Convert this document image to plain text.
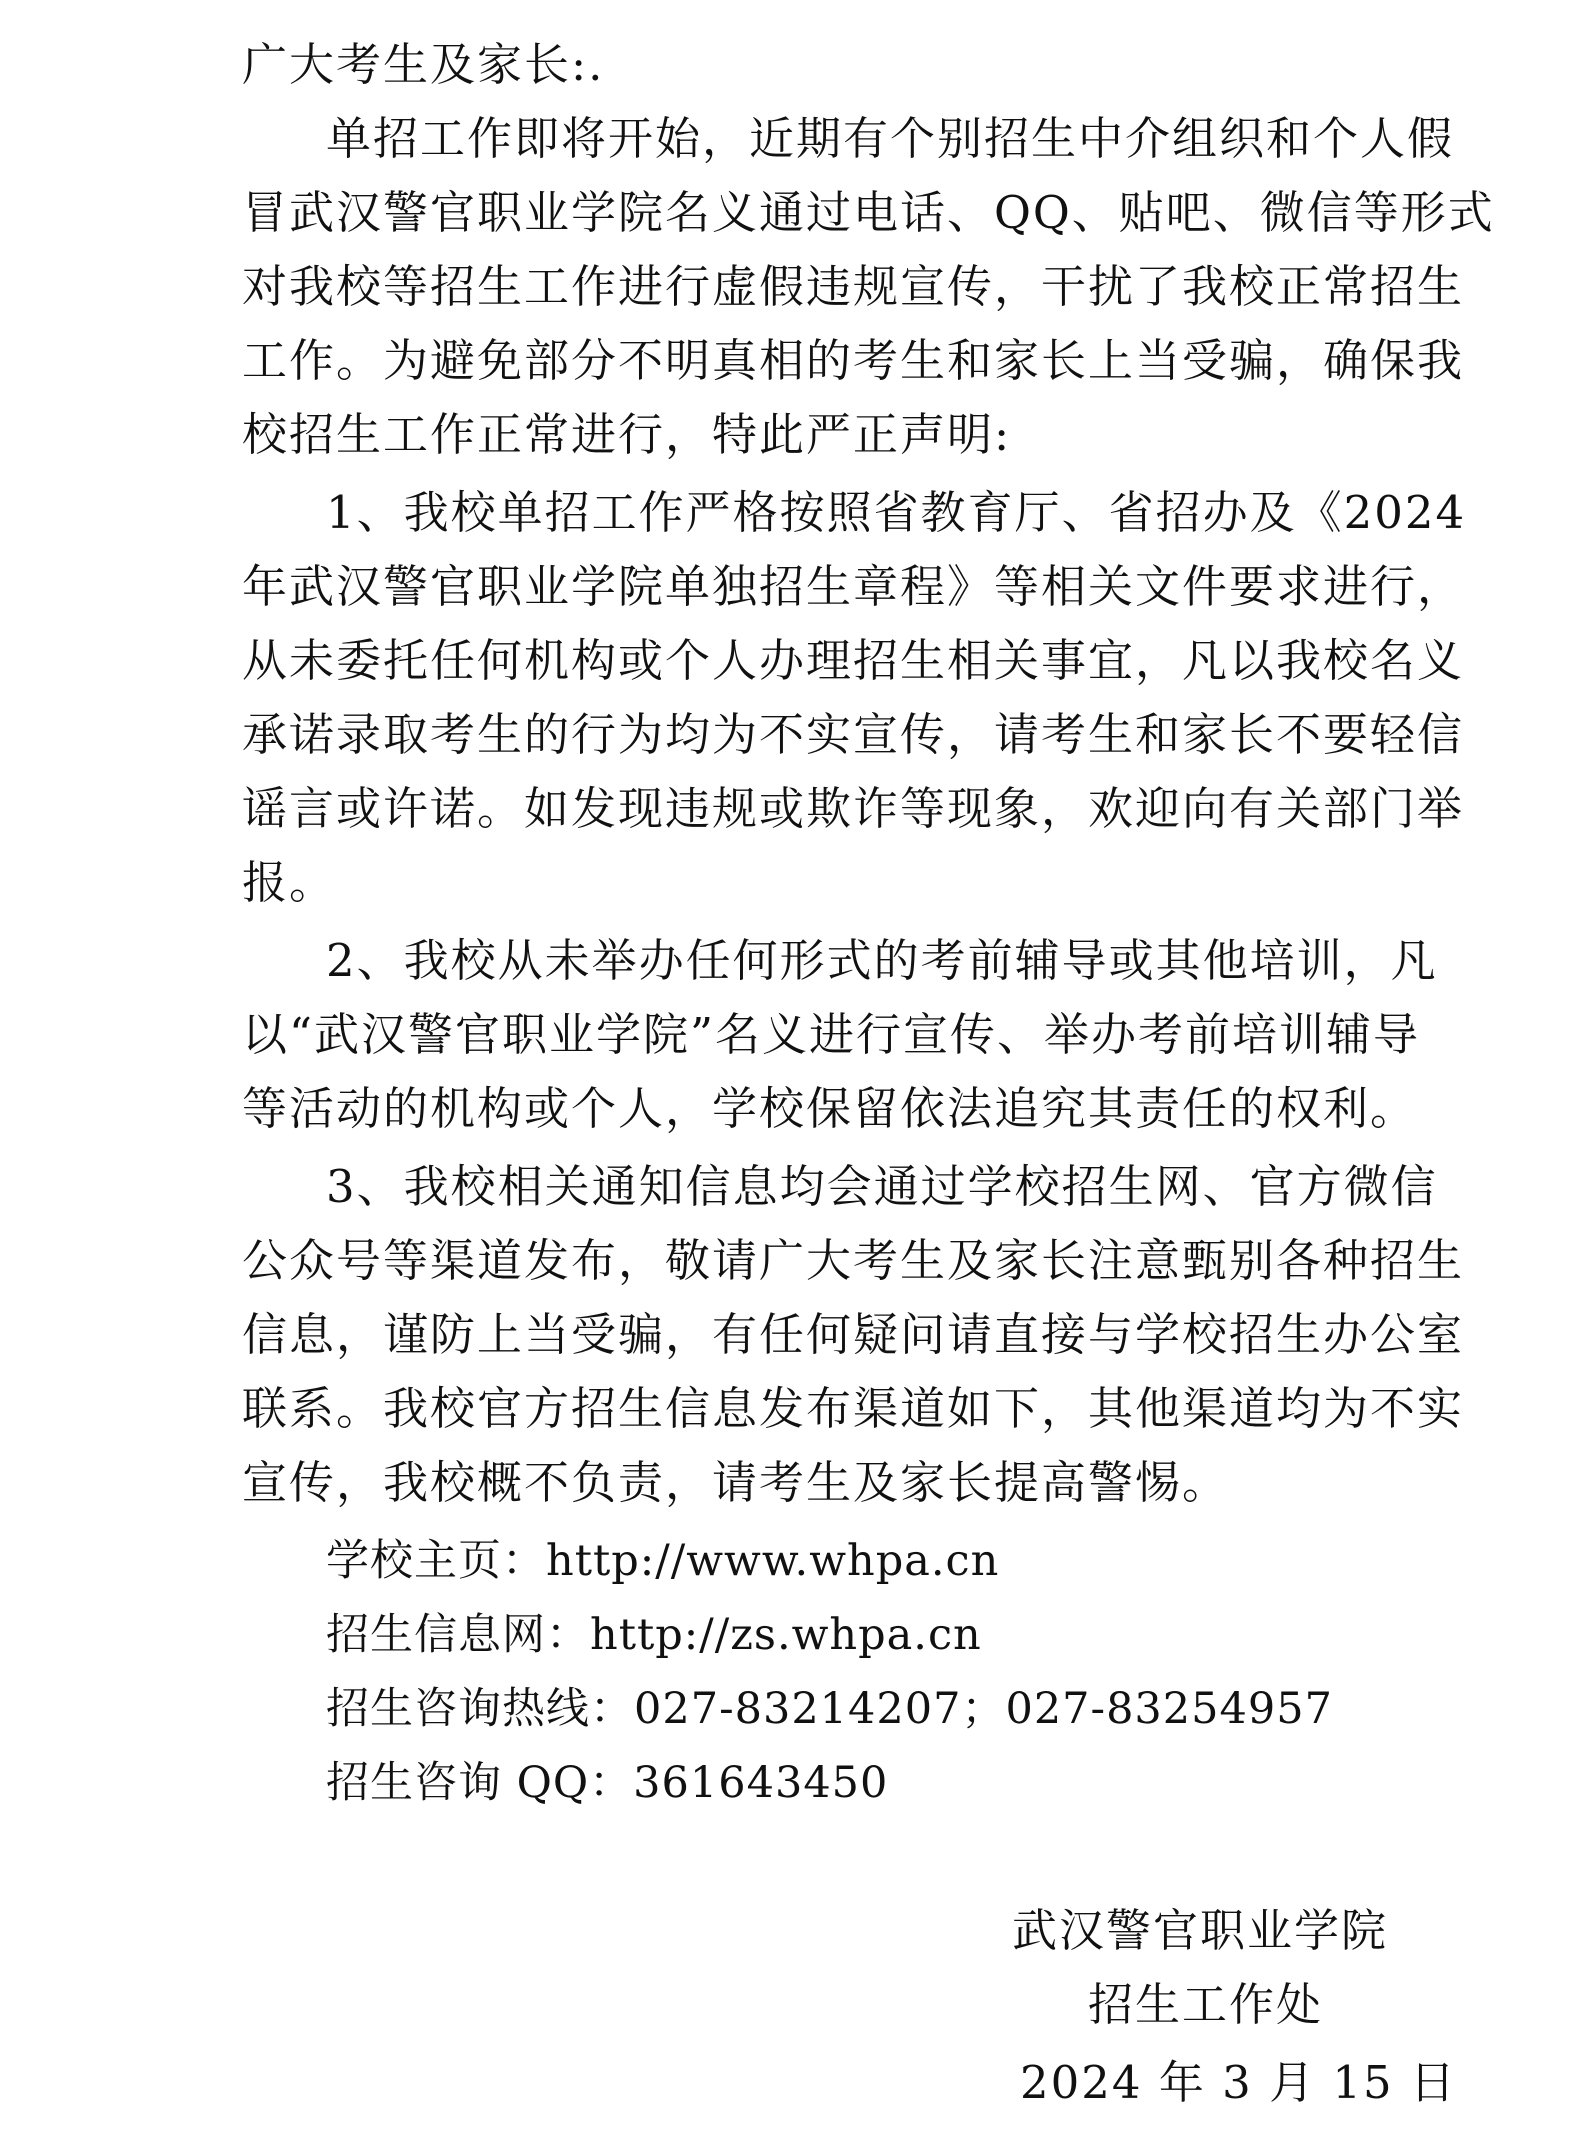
广大考生及家长:.
单招工作即将开始，近期有个别招生中介组织和个人假
冒武汉警官职业学院名义通过电话、QQ、贴吧、微信等形式
对我校等招生工作进行虚假违规宣传，干扰了我校正常招生
工作。为避免部分不明真相的考生和家长上当受骗，确保我
校招生工作正常进行，特此严正声明:
1、我校单招工作严格按照省教育厅、省招办及《2024
年武汉警官职业学院单独招生章程》等相关文件要求进行，
从未委托任何机构或个人办理招生相关事宜，凡以我校名义
承诺录取考生的行为均为不实宣传，请考生和家长不要轻信
谣言或许诺。如发现违规或欺诈等现象，欢迎向有关部门举
报。
2、我校从未举办任何形式的考前辅导或其他培训，凡
以“武汉警官职业学院”名义进行宣传、举办考前培训辅导
等活动的机构或个人，学校保留依法追究其责任的权利。
3、我校相关通知信息均会通过学校招生网、官方微信
公众号等渠道发布，敬请广大考生及家长注意甄别各种招生
信息，谨防上当受骗，有任何疑问请直接与学校招生办公室
联系。我校官方招生信息发布渠道如下，其他渠道均为不实
宣传，我校概不负责，请考生及家长提高警惕。
学校主页：http://www.whpa.cn
招生信息网：http://zs.whpa.cn
招生咨询热线：027-83214207；027-83254957
招生咨询 QQ：361643450
武汉警官职业学院
招生工作处
2024 年 3 月 15 日
